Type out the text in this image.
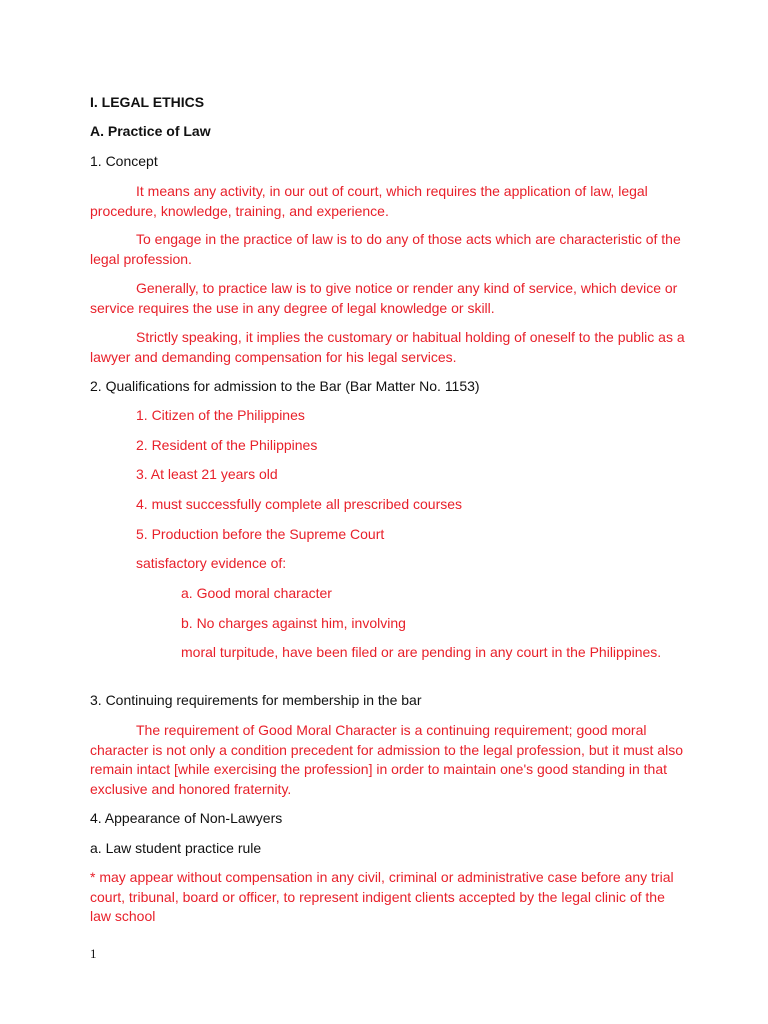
I. LEGAL ETHICS

A. Practice of Law

1. Concept

It means any activity, in our out of court, which requires the application of law, legal procedure, knowledge, training, and experience.

To engage in the practice of law is to do any of those acts which are characteristic of the legal profession.

Generally, to practice law is to give notice or render any kind of service, which device or service requires the use in any degree of legal knowledge or skill.

Strictly speaking, it implies the customary or habitual holding of oneself to the public as a lawyer and demanding compensation for his legal services.

2. Qualifications for admission to the Bar (Bar Matter No. 1153)

1. Citizen of the Philippines

2. Resident of the Philippines

3. At least 21 years old

4. must successfully complete all prescribed courses

5. Production before the Supreme Court

satisfactory evidence of:

a. Good moral character

b. No charges against him, involving

moral turpitude, have been filed or are pending in any court in the Philippines.

3. Continuing requirements for membership in the bar

The requirement of Good Moral Character is a continuing requirement; good moral character is not only a condition precedent for admission to the legal profession, but it must also remain intact [while exercising the profession] in order to maintain one's good standing in that exclusive and honored fraternity.

4. Appearance of Non-Lawyers

a. Law student practice rule

* may appear without compensation in any civil, criminal or administrative case before any trial court, tribunal, board or officer, to represent indigent clients accepted by the legal clinic of the law school

1
